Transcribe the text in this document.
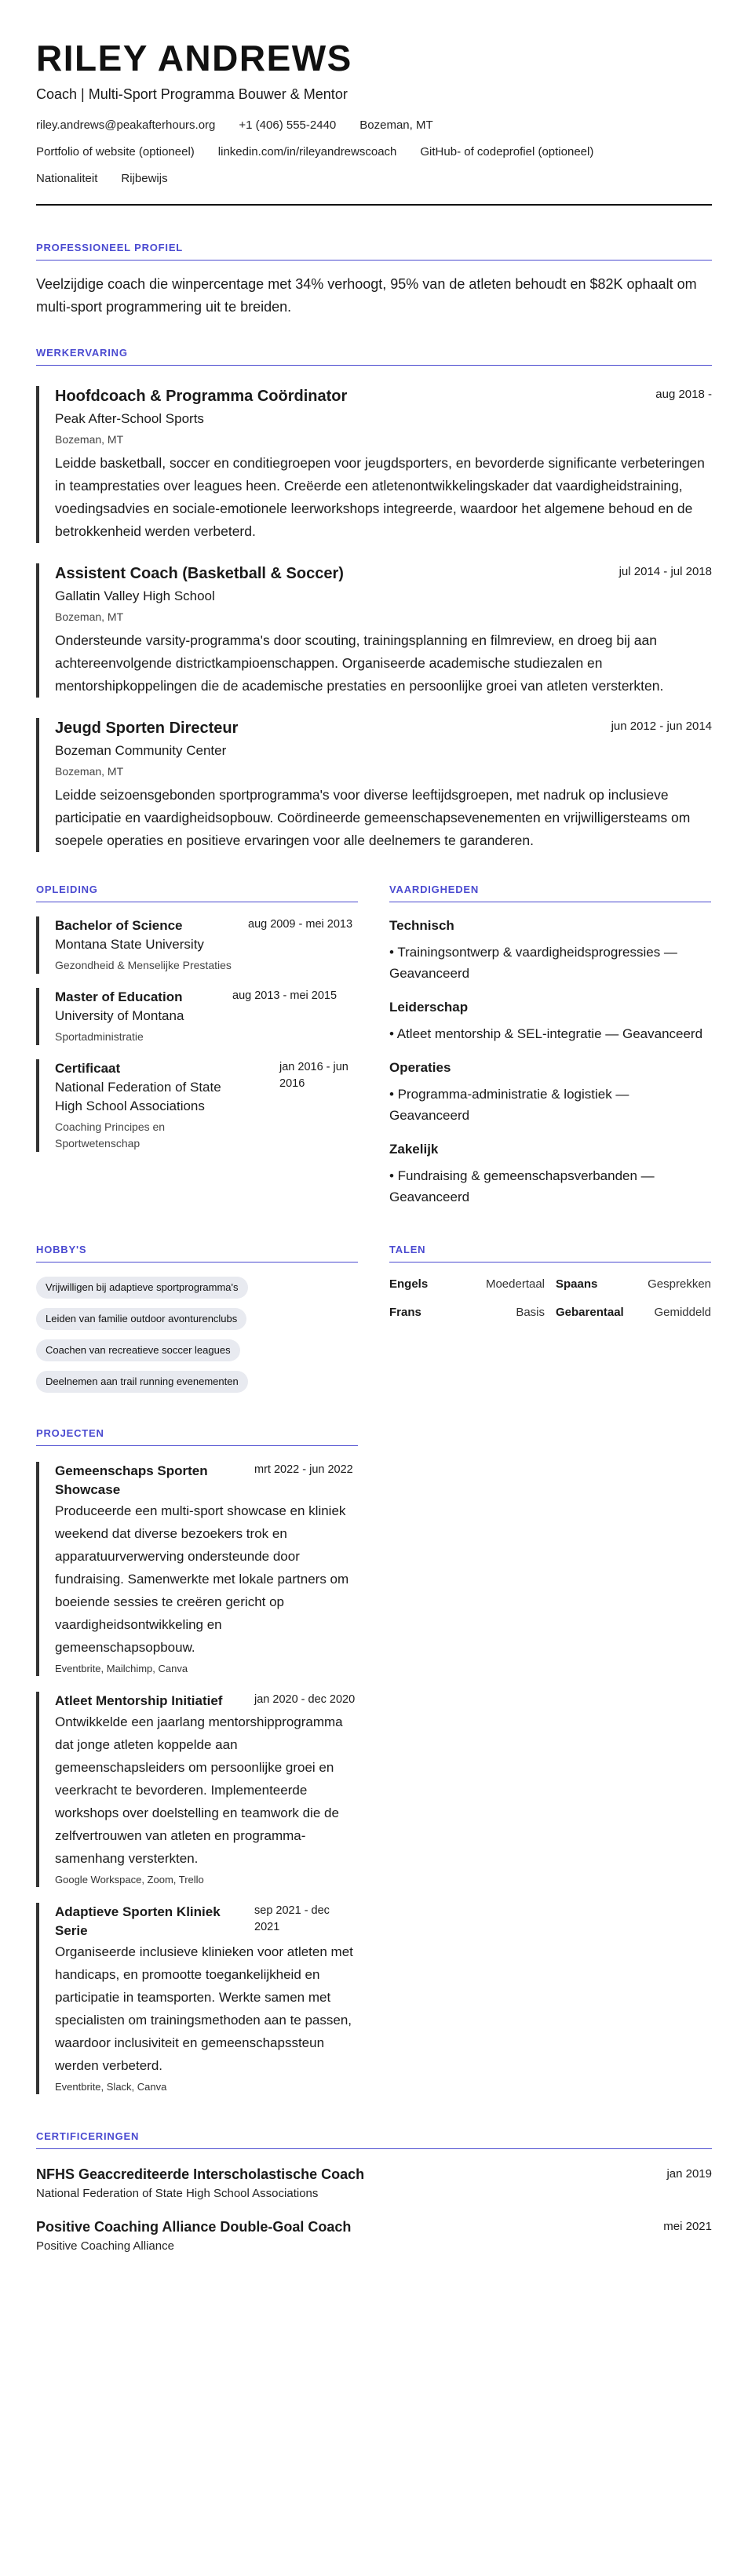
RILEY ANDREWS
Coach | Multi-Sport Programma Bouwer & Mentor
riley.andrews@peakafterhours.org +1 (406) 555-2440 Bozeman, MT
Portfolio of website (optioneel) linkedin.com/in/rileyandrewscoach GitHub- of codeprofiel (optioneel)
Nationaliteit Rijbewijs
PROFESSIONEEL PROFIEL
Veelzijdige coach die winpercentage met 34% verhoogt, 95% van de atleten behoudt en $82K ophaalt om multi-sport programmering uit te breiden.
WERKERVARING
Hoofdcoach & Programma Coördinator	aug 2018 -
Peak After-School Sports
Bozeman, MT
Leidde basketball, soccer en conditiegroepen voor jeugdsporters, en bevorderde significante verbeteringen in teamprestaties over leagues heen. Creëerde een atletenontwikkelingskader dat vaardigheidstraining, voedingsadvies en sociale-emotionele leerworkshops integreerde, waardoor het algemene behoud en de betrokkenheid werden verbeterd.
Assistent Coach (Basketball & Soccer)	jul 2014 - jul 2018
Gallatin Valley High School
Bozeman, MT
Ondersteunde varsity-programma's door scouting, trainingsplanning en filmreview, en droeg bij aan achtereenvolgende districtkampioenschappen. Organiseerde academische studiezalen en mentorshipkoppelingen die de academische prestaties en persoonlijke groei van atleten versterkten.
Jeugd Sporten Directeur	jun 2012 - jun 2014
Bozeman Community Center
Bozeman, MT
Leidde seizoensgebonden sportprogramma's voor diverse leeftijdsgroepen, met nadruk op inclusieve participatie en vaardigheidsopbouw. Coördineerde gemeenschapsevenementen en vrijwilligersteams om soepele operaties en positieve ervaringen voor alle deelnemers te garanderen.
OPLEIDING
Bachelor of Science
Montana State University
aug 2009 - mei 2013
Gezondheid & Menselijke Prestaties
Master of Education
University of Montana
aug 2013 - mei 2015
Sportadministratie
Certificaat
National Federation of State High School Associations
jan 2016 - jun 2016
Coaching Principes en Sportwetenschap
VAARDIGHEDEN
Technisch
• Trainingsontwerp & vaardigheidsprogressies — Geavanceerd
Leiderschap
• Atleet mentorship & SEL-integratie — Geavanceerd
Operaties
• Programma-administratie & logistiek — Geavanceerd
Zakelijk
• Fundraising & gemeenschapsverbanden — Geavanceerd
HOBBY'S
Vrijwilligen bij adaptieve sportprogramma's
Leiden van familie outdoor avonturenclubs
Coachen van recreatieve soccer leagues
Deelnemen aan trail running evenementen
TALEN
Engels	Moedertaal Spaans	Gesprekken
Frans	Basis Gebarentaal	Gemiddeld
PROJECTEN
Gemeenschaps Sporten Showcase
mrt 2022 - jun 2022
Produceerde een multi-sport showcase en kliniek weekend dat diverse bezoekers trok en apparatuurverwerving ondersteunde door fundraising. Samenwerkte met lokale partners om boeiende sessies te creëren gericht op vaardigheidsontwikkeling en gemeenschapsopbouw.
Eventbrite, Mailchimp, Canva
Atleet Mentorship Initiatief	jan 2020 - dec 2020
Ontwikkelde een jaarlang mentorshipprogramma dat jonge atleten koppelde aan gemeenschapsleiders om persoonlijke groei en veerkracht te bevorderen. Implementeerde workshops over doelstelling en teamwork die de zelfvertrouwen van atleten en programma-samenhang versterkten.
Google Workspace, Zoom, Trello
Adaptieve Sporten Kliniek Serie
sep 2021 - dec 2021
Organiseerde inclusieve klinieken voor atleten met handicaps, en promootte toegankelijkheid en participatie in teamsporten. Werkte samen met specialisten om trainingsmethoden aan te passen, waardoor inclusiviteit en gemeenschapssteun werden verbeterd.
Eventbrite, Slack, Canva
CERTIFICERINGEN
NFHS Geaccrediteerde Interscholastische Coach
National Federation of State High School Associations
jan 2019
Positive Coaching Alliance Double-Goal Coach
Positive Coaching Alliance
mei 2021
